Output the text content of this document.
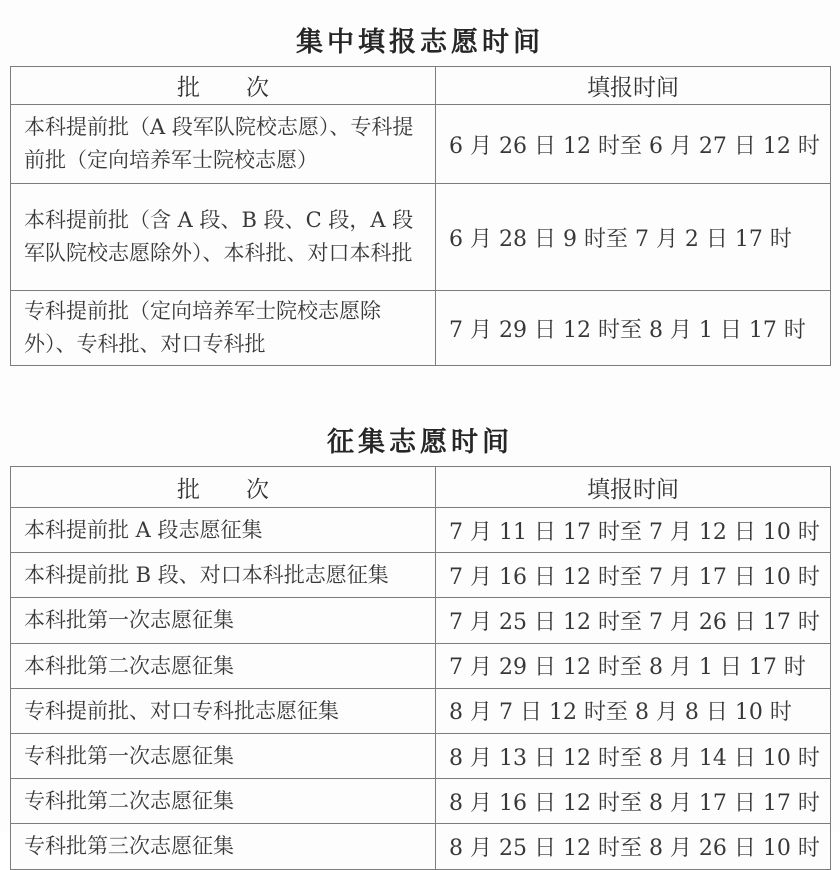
集中填报志愿时间
批　　次	填报时间
本科提前批（A 段军队院校志愿）、专科提前批（定向培养军士院校志愿）	6 月 26 日 12 时至 6 月 27 日 12 时
本科提前批（含 A 段、B 段、C 段，A 段军队院校志愿除外）、本科批、对口本科批	6 月 28 日 9 时至 7 月 2 日 17 时
专科提前批（定向培养军士院校志愿除外）、专科批、对口专科批	7 月 29 日 12 时至 8 月 1 日 17 时
征集志愿时间
批　　次	填报时间
本科提前批 A 段志愿征集	7 月 11 日 17 时至 7 月 12 日 10 时
本科提前批 B 段、对口本科批志愿征集	7 月 16 日 12 时至 7 月 17 日 10 时
本科批第一次志愿征集	7 月 25 日 12 时至 7 月 26 日 17 时
本科批第二次志愿征集	7 月 29 日 12 时至 8 月 1 日 17 时
专科提前批、对口专科批志愿征集	8 月 7 日 12 时至 8 月 8 日 10 时
专科批第一次志愿征集	8 月 13 日 12 时至 8 月 14 日 10 时
专科批第二次志愿征集	8 月 16 日 12 时至 8 月 17 日 17 时
专科批第三次志愿征集	8 月 25 日 12 时至 8 月 26 日 10 时
